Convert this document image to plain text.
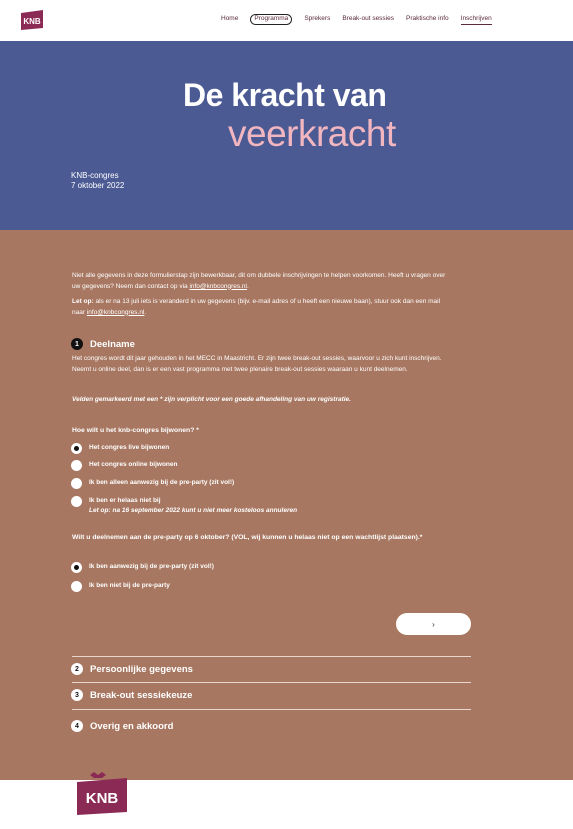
KNB	Home	Programma	Sprekers Break-out sessies Praktische info Inschrijven
De kracht van
veerkracht
KNB-congres
7 oktober 2022

Niet alle gegevens in deze formulierstap zijn bewerkbaar, dit om dubbele inschrijvingen te helpen voorkomen. Heeft u vragen over uw gegevens? Neem dan contact op via info@knbcongres.nl.

Let op: als er na 13 juli iets is veranderd in uw gegevens (bijv. e-mail adres of u heeft een nieuwe baan), stuur ook dan een mail naar info@knbcongres.nl.

1	Deelname
Het congres wordt dit jaar gehouden in het MECC in Maastricht. Er zijn twee break-out sessies, waarvoor u zich kunt inschrijven. Neemt u online deel, dan is er een vast programma met twee plenaire break-out sessies waaraan u kunt deelnemen.
Velden gemarkeerd met een * zijn verplicht voor een goede afhandeling van uw registratie.
Hoe wilt u het knb-congres bijwonen? *
Het congres live bijwonen
Het congres online bijwonen
Ik ben alleen aanwezig bij de pre-party (zit vol!)
Ik ben er helaas niet bij
Let op: na 16 september 2022 kunt u niet meer kosteloos annuleren
Wilt u deelnemen aan de pre-party op 6 oktober? (VOL, wij kunnen u helaas niet op een wachtlijst plaatsen).*
Ik ben aanwezig bij de pre-party (zit vol!)
Ik ben niet bij de pre-party
›
2	Persoonlijke gegevens
3	Break-out sessiekeuze
4	Overig en akkoord
KNB
